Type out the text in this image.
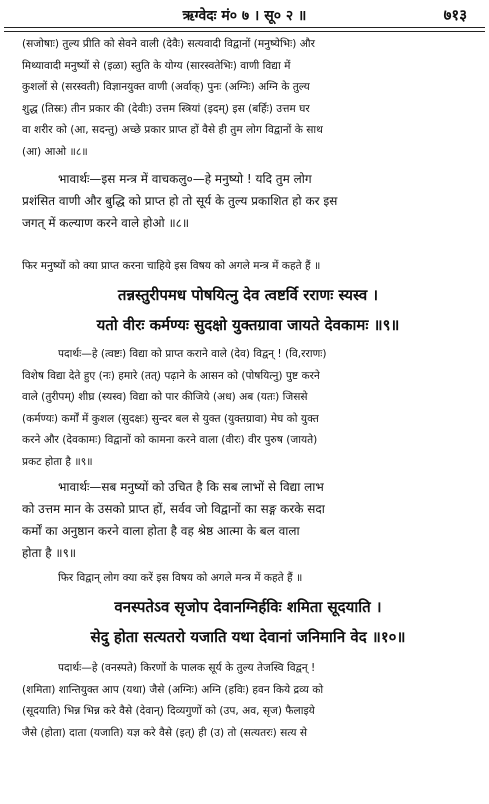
ऋग्वेदः मं० ७ । सू० २ ॥	७१३
(सजोषाः) तुल्य प्रीति को सेवने वाली (देवैः) सत्यवादी विद्वानों (मनुष्येभिः) और
मिथ्यावादी मनुष्यों से (इळा) स्तुति के योग्य (सारस्वतेभिः) वाणी विद्या में
कुशलों से (सरस्वती) विज्ञानयुक्त वाणी (अर्वाक्) पुनः (अग्निः) अग्नि के तुल्य
शुद्ध (तिस्रः) तीन प्रकार की (देवीः) उत्तम स्त्रियां (इदम्) इस (बर्हिः) उत्तम घर
वा शरीर को (आ, सदन्तु) अच्छे प्रकार प्राप्त हों वैसे ही तुम लोग विद्वानों के साथ
(आ) आओ ॥८॥
भावार्थः—इस मन्त्र में वाचकलु०—हे मनुष्यो ! यदि तुम लोग
प्रशंसित वाणी और बुद्धि को प्राप्त हो तो सूर्य के तुल्य प्रकाशित हो कर इस
जगत् में कल्याण करने वाले होओ ॥८॥
फिर मनुष्यों को क्या प्राप्त करना चाहिये इस विषय को अगले मन्त्र में कहते हैं ॥
तन्नस्तुरीपमध पोषयित्नु देव त्वष्टर्वि रराणः स्यस्व ।
यतो वीरः कर्मण्यः सुदक्षो युक्तग्रावा जायते देवकामः ॥९॥
पदार्थः—हे (त्वष्टः) विद्या को प्राप्त कराने वाले (देव) विद्वन् ! (वि,रराणः)
विशेष विद्या देते हुए (नः) हमारे (तत्) पढ़ाने के आसन को (पोषयित्नु) पुष्ट करने
वाले (तुरीपम्) शीघ्र (स्यस्व) विद्या को पार कीजिये (अध) अब (यतः) जिससे
(कर्मण्यः) कर्मों में कुशल (सुदक्षः) सुन्दर बल से युक्त (युक्तग्रावा) मेघ को युक्त
करने और (देवकामः) विद्वानों को कामना करने वाला (वीरः) वीर पुरुष (जायते)
प्रकट होता है ॥९॥
भावार्थः—सब मनुष्यों को उचित है कि सब लाभों से विद्या लाभ
को उत्तम मान के उसको प्राप्त हों, सर्वव जो विद्वानों का सङ्ग करके सदा
कर्मों का अनुष्ठान करने वाला होता है वह श्रेष्ठ आत्मा के बल वाला
होता है ॥९॥
फिर विद्वान् लोग क्या करें इस विषय को अगले मन्त्र में कहते हैं ॥
वनस्पतेऽव सृजोप देवानग्निर्हविः शमिता सूदयाति ।
सेदु होता सत्यतरो यजाति यथा देवानां जनिमानि वेद ॥१०॥
पदार्थः—हे (वनस्पते) किरणों के पालक सूर्य के तुल्य तेजस्वि विद्वन् !
(शमिता) शान्तियुक्त आप (यथा) जैसे (अग्निः) अग्नि (हविः) हवन किये द्रव्य को
(सूदयाति) भिन्न भिन्न करे वैसे (देवान्) दिव्यगुणों को (उप, अव, सृज) फैलाइये
जैसे (होता) दाता (यजाति) यज्ञ करे वैसे (इत्) ही (उ) तो (सत्यतरः) सत्य से
